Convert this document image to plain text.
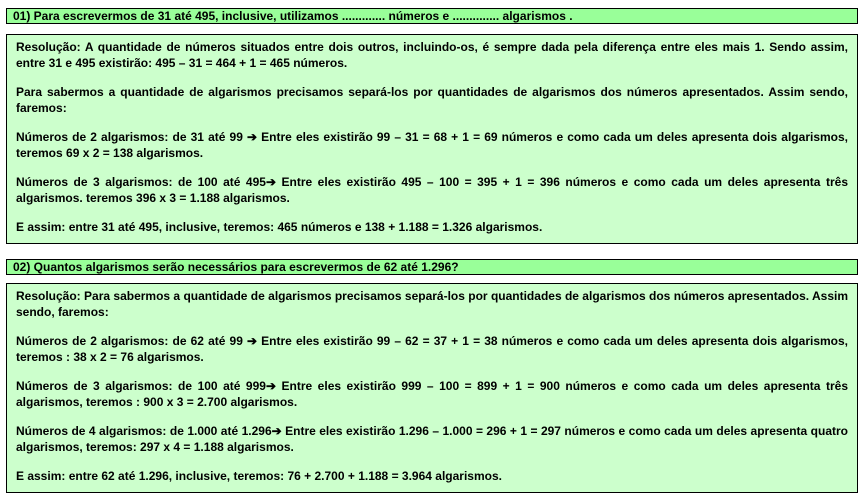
01) Para escrevermos de 31 até 495, inclusive, utilizamos ............. números e .............. algarismos .

Resolução: A quantidade de números situados entre dois outros, incluindo-os, é sempre dada pela diferença entre eles mais 1. Sendo assim, entre 31 e 495 existirão: 495 – 31 = 464 + 1 = 465 números.

Para sabermos a quantidade de algarismos precisamos separá-los por quantidades de algarismos dos números apresentados. Assim sendo, faremos:

Números de 2 algarismos: de 31 até 99 ➔ Entre eles existirão 99 – 31 = 68 + 1 = 69 números e como cada um deles apresenta dois algarismos, teremos 69 x 2 = 138 algarismos.

Números de 3 algarismos: de 100 até 495➔ Entre eles existirão 495 – 100 = 395 + 1 = 396 números e como cada um deles apresenta três algarismos. teremos 396 x 3 = 1.188 algarismos.

E assim: entre 31 até 495, inclusive, teremos: 465 números e 138 + 1.188 = 1.326 algarismos.

02) Quantos algarismos serão necessários para escrevermos de 62 até 1.296?

Resolução: Para sabermos a quantidade de algarismos precisamos separá-los por quantidades de algarismos dos números apresentados. Assim sendo, faremos:

Números de 2 algarismos: de 62 até 99 ➔ Entre eles existirão 99 – 62 = 37 + 1 = 38 números e como cada um deles apresenta dois algarismos, teremos : 38 x 2 = 76 algarismos.

Números de 3 algarismos: de 100 até 999➔ Entre eles existirão 999 – 100 = 899 + 1 = 900 números e como cada um deles apresenta três algarismos, teremos : 900 x 3 = 2.700 algarismos.

Números de 4 algarismos: de 1.000 até 1.296➔ Entre eles existirão 1.296 – 1.000 = 296 + 1 = 297 números e como cada um deles apresenta quatro algarismos, teremos: 297 x 4 = 1.188 algarismos.

E assim: entre 62 até 1.296, inclusive, teremos: 76 + 2.700 + 1.188 = 3.964 algarismos.
